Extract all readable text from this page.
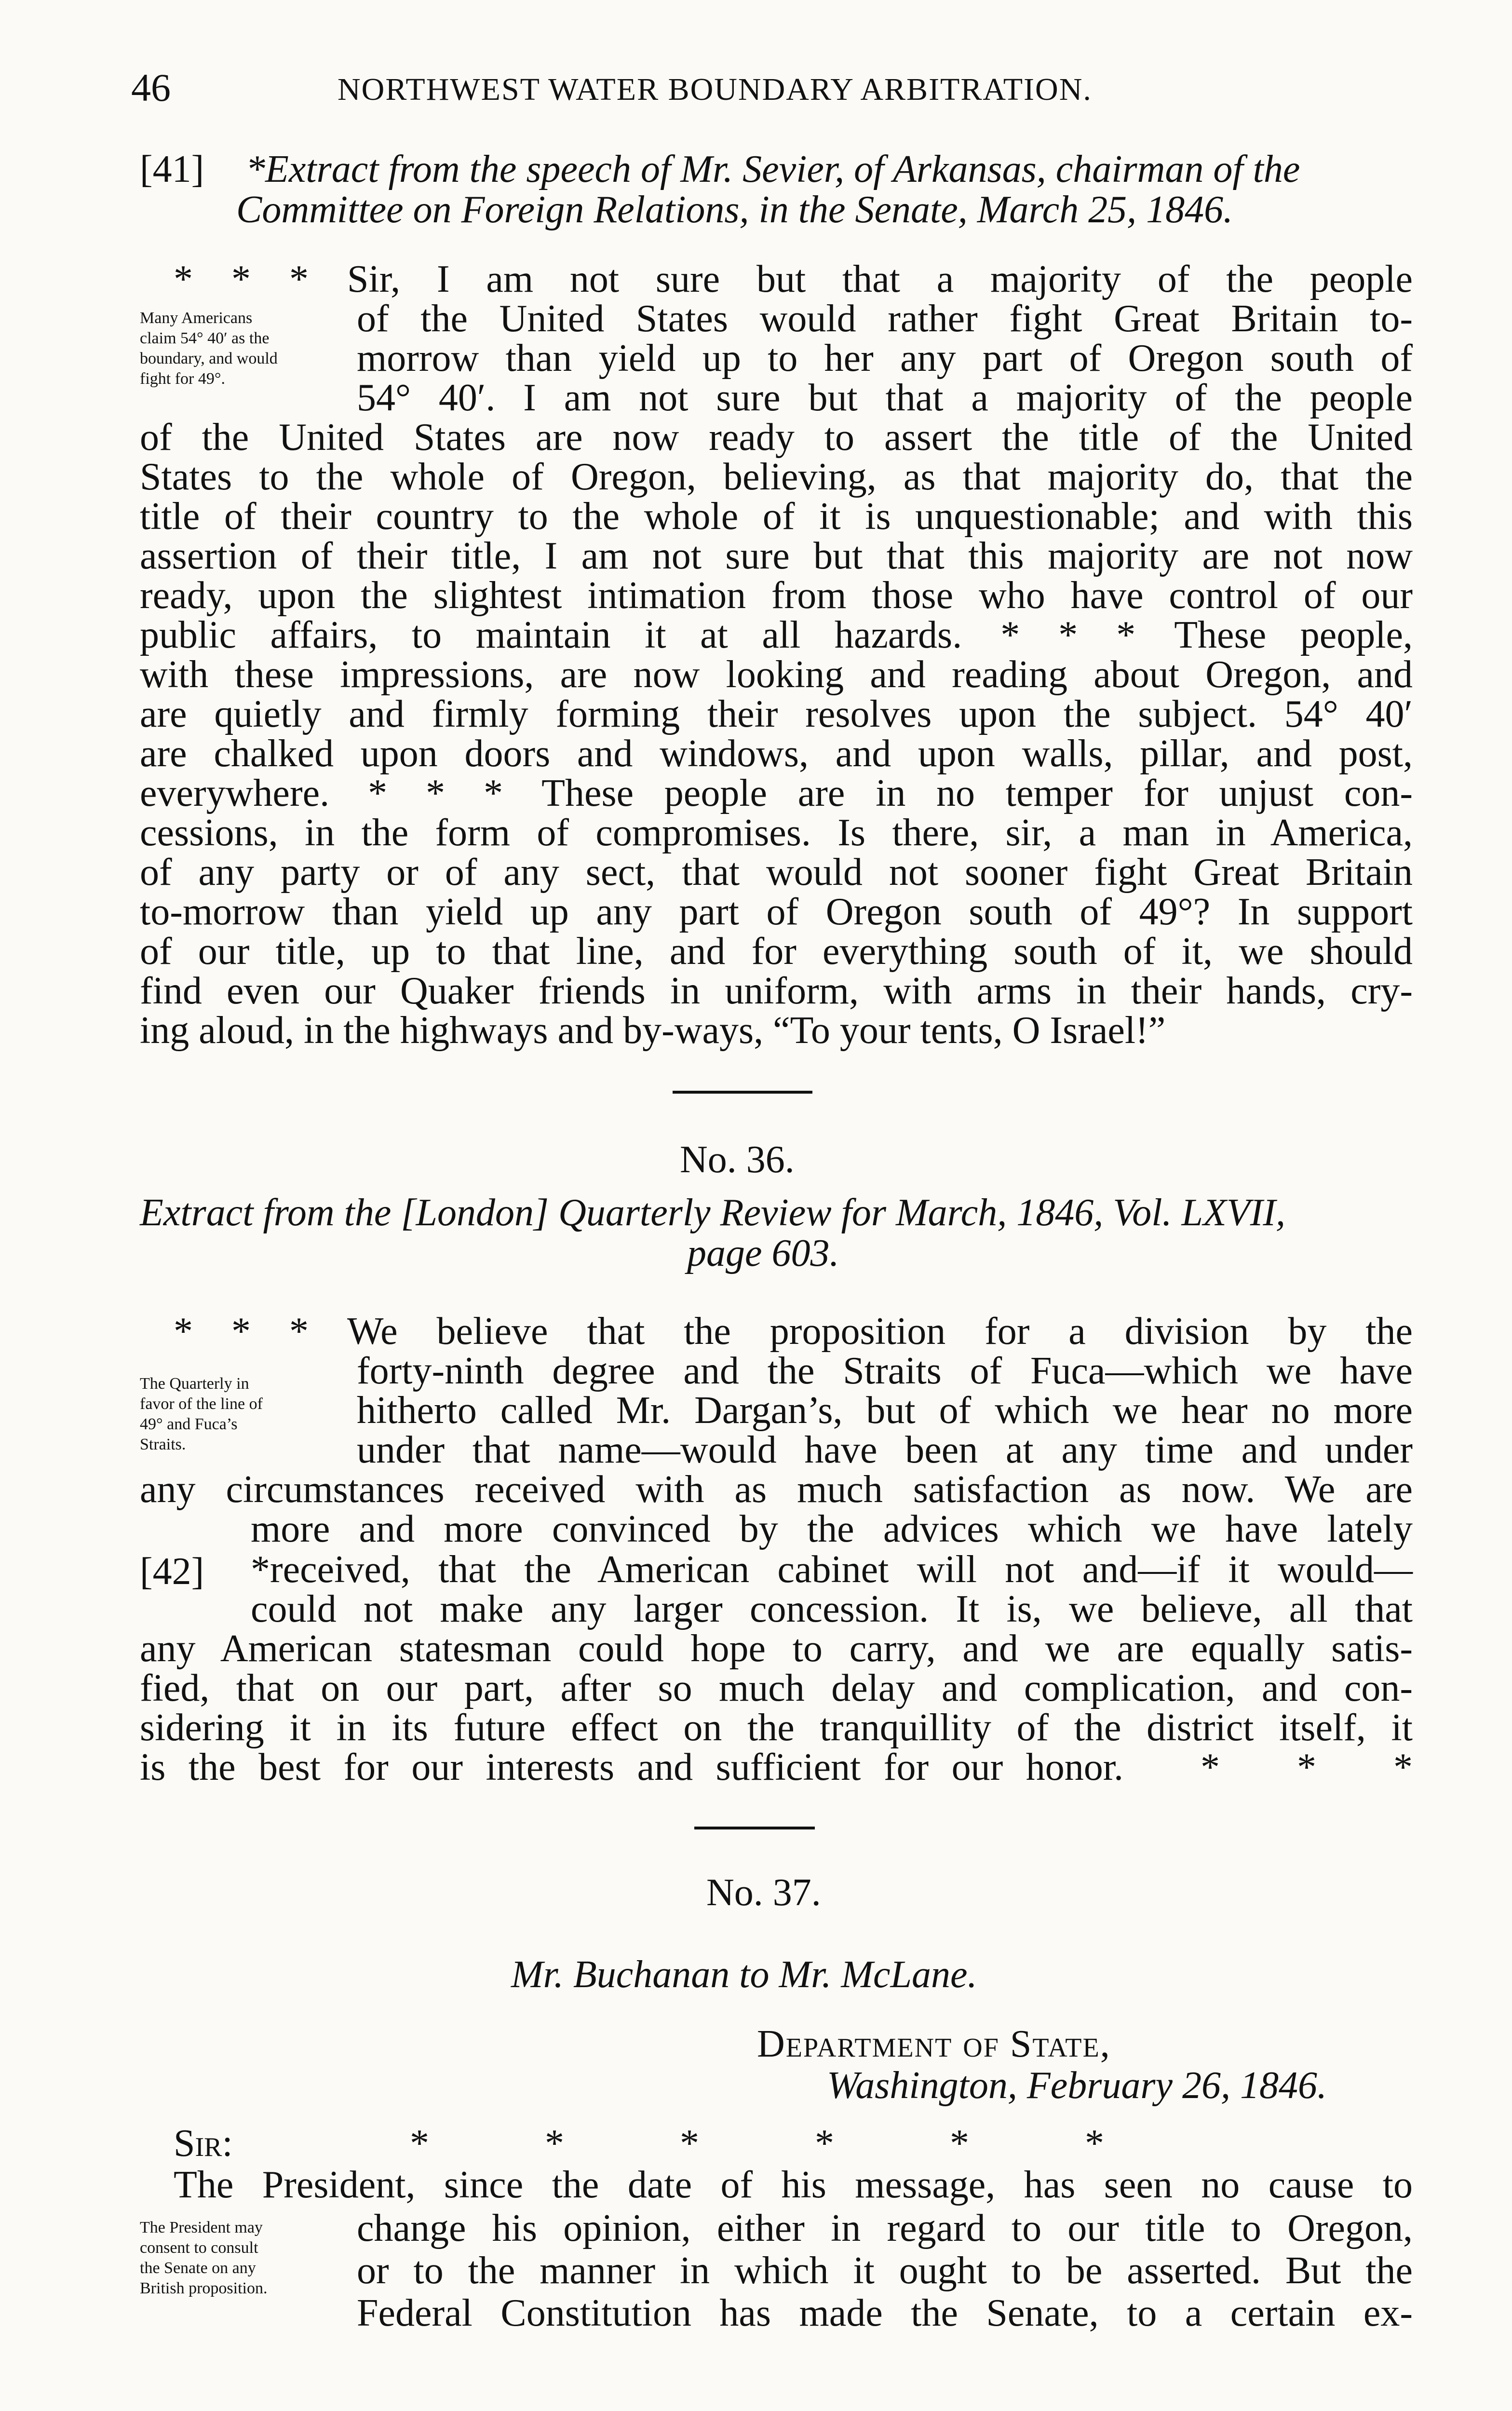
46	NORTHWEST WATER BOUNDARY ARBITRATION.
[41] *Extract from the speech of Mr. Sevier, of Arkansas, chairman of the
Committee on Foreign Relations, in the Senate, March 25, 1846.
Many Americans
claim 54° 40′ as the
boundary, and would
fight for 49°.
* * * Sir, I am not sure but that a majority of the people
of the United States would rather fight Great Britain to-
morrow than yield up to her any part of Oregon south of
54° 40′. I am not sure but that a majority of the people
of the United States are now ready to assert the title of the United
States to the whole of Oregon, believing, as that majority do, that the
title of their country to the whole of it is unquestionable; and with this
assertion of their title, I am not sure but that this majority are not now
ready, upon the slightest intimation from those who have control of our
public affairs, to maintain it at all hazards. * * * These people,
with these impressions, are now looking and reading about Oregon, and
are quietly and firmly forming their resolves upon the subject. 54° 40′
are chalked upon doors and windows, and upon walls, pillar, and post,
everywhere. * * * These people are in no temper for unjust con-
cessions, in the form of compromises. Is there, sir, a man in America,
of any party or of any sect, that would not sooner fight Great Britain
to-morrow than yield up any part of Oregon south of 49°? In support
of our title, up to that line, and for everything south of it, we should
find even our Quaker friends in uniform, with arms in their hands, cry-
ing aloud, in the highways and by-ways, “To your tents, O Israel!”
No. 36.
Extract from the [London] Quarterly Review for March, 1846, Vol. LXVII,
page 603.
The Quarterly in
favor of the line of
49° and Fuca’s
Straits.
[42]
* * * We believe that the proposition for a division by the
forty-ninth degree and the Straits of Fuca—which we have
hitherto called Mr. Dargan’s, but of which we hear no more
under that name—would have been at any time and under
any circumstances received with as much satisfaction as now. We are
more and more convinced by the advices which we have lately
*received, that the American cabinet will not and—if it would—
could not make any larger concession. It is, we believe, all that
any American statesman could hope to carry, and we are equally satis-
fied, that on our part, after so much delay and complication, and con-
sidering it in its future effect on the tranquillity of the district itself, it
is the best for our interests and sufficient for our honor.  *  *  *
No. 37.
Mr. Buchanan to Mr. McLane.
Department of State,
Washington, February 26, 1846.
Sir:	*   *   *   *   *   *
The President may
consent to consult
the Senate on any
British proposition.
The President, since the date of his message, has seen no cause to
change his opinion, either in regard to our title to Oregon,
or to the manner in which it ought to be asserted. But the
Federal Constitution has made the Senate, to a certain ex-
